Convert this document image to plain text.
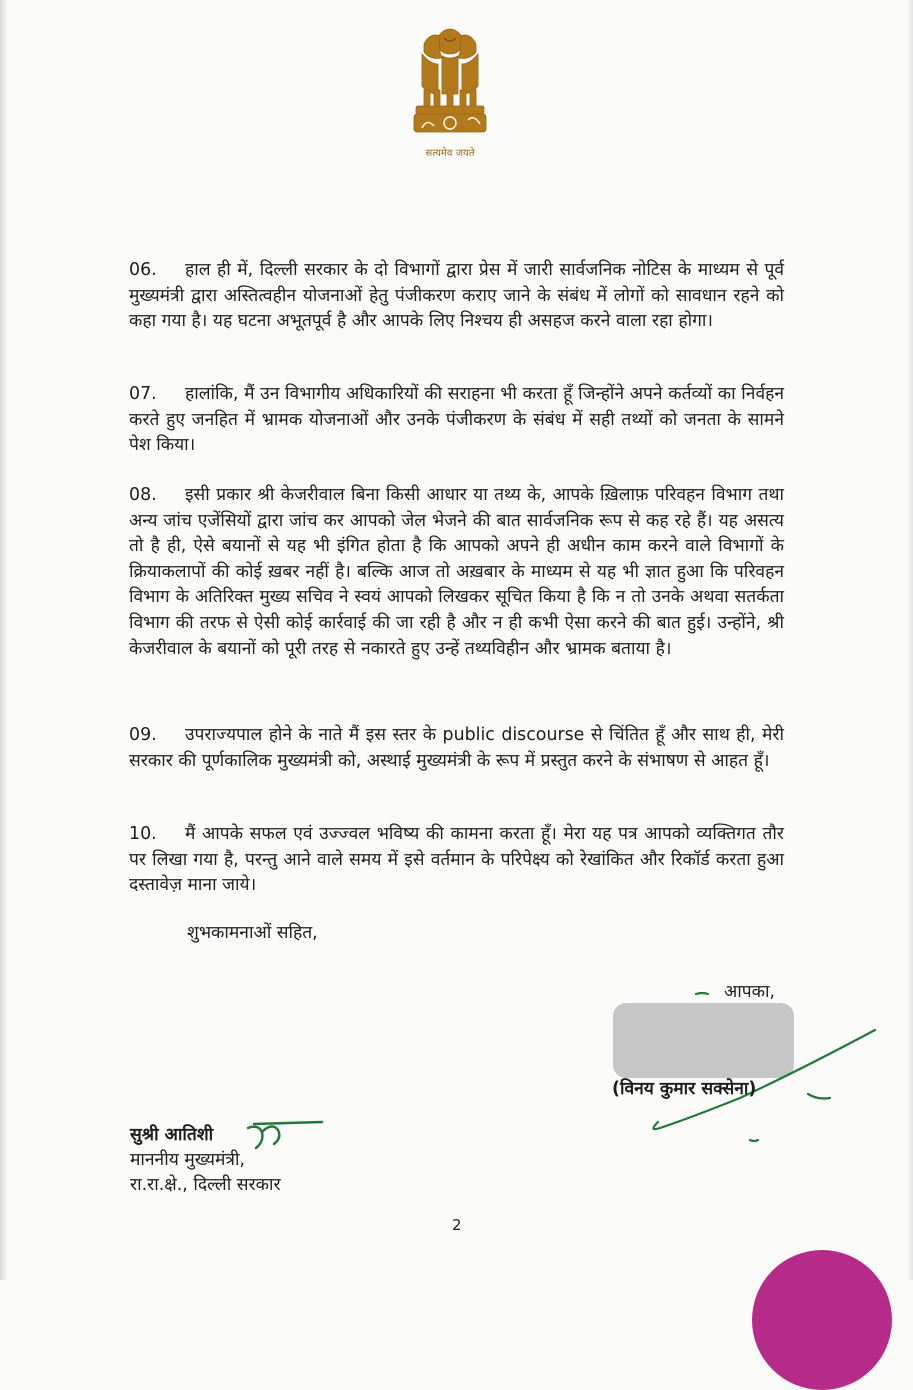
सत्यमेव जयते

06. हाल ही में, दिल्ली सरकार के दो विभागों द्वारा प्रेस में जारी सार्वजनिक नोटिस के माध्यम से पूर्व मुख्यमंत्री द्वारा अस्तित्वहीन योजनाओं हेतु पंजीकरण कराए जाने के संबंध में लोगों को सावधान रहने को कहा गया है। यह घटना अभूतपूर्व है और आपके लिए निश्चय ही असहज करने वाला रहा होगा।

07. हालांकि, मैं उन विभागीय अधिकारियों की सराहना भी करता हूँ जिन्होंने अपने कर्तव्यों का निर्वहन करते हुए जनहित में भ्रामक योजनाओं और उनके पंजीकरण के संबंध में सही तथ्यों को जनता के सामने पेश किया।

08. इसी प्रकार श्री केजरीवाल बिना किसी आधार या तथ्य के, आपके ख़िलाफ़ परिवहन विभाग तथा अन्य जांच एजेंसियों द्वारा जांच कर आपको जेल भेजने की बात सार्वजनिक रूप से कह रहे हैं। यह असत्य तो है ही, ऐसे बयानों से यह भी इंगित होता है कि आपको अपने ही अधीन काम करने वाले विभागों के क्रियाकलापों की कोई ख़बर नहीं है। बल्कि आज तो अख़बार के माध्यम से यह भी ज्ञात हुआ कि परिवहन विभाग के अतिरिक्त मुख्य सचिव ने स्वयं आपको लिखकर सूचित किया है कि न तो उनके अथवा सतर्कता विभाग की तरफ से ऐसी कोई कार्रवाई की जा रही है और न ही कभी ऐसा करने की बात हुई। उन्होंने, श्री केजरीवाल के बयानों को पूरी तरह से नकारते हुए उन्हें तथ्यविहीन और भ्रामक बताया है।

09. उपराज्यपाल होने के नाते मैं इस स्तर के public discourse से चिंतित हूँ और साथ ही, मेरी सरकार की पूर्णकालिक मुख्यमंत्री को, अस्थाई मुख्यमंत्री के रूप में प्रस्तुत करने के संभाषण से आहत हूँ।

10. मैं आपके सफल एवं उज्ज्वल भविष्य की कामना करता हूँ। मेरा यह पत्र आपको व्यक्तिगत तौर पर लिखा गया है, परन्तु आने वाले समय में इसे वर्तमान के परिपेक्ष्य को रेखांकित और रिकॉर्ड करता हुआ दस्तावेज़ माना जाये।

शुभकामनाओं सहित,
आपका,
(विनय कुमार सक्सेना)
सुश्री आतिशी
माननीय मुख्यमंत्री,
रा.रा.क्षे., दिल्ली सरकार
2
